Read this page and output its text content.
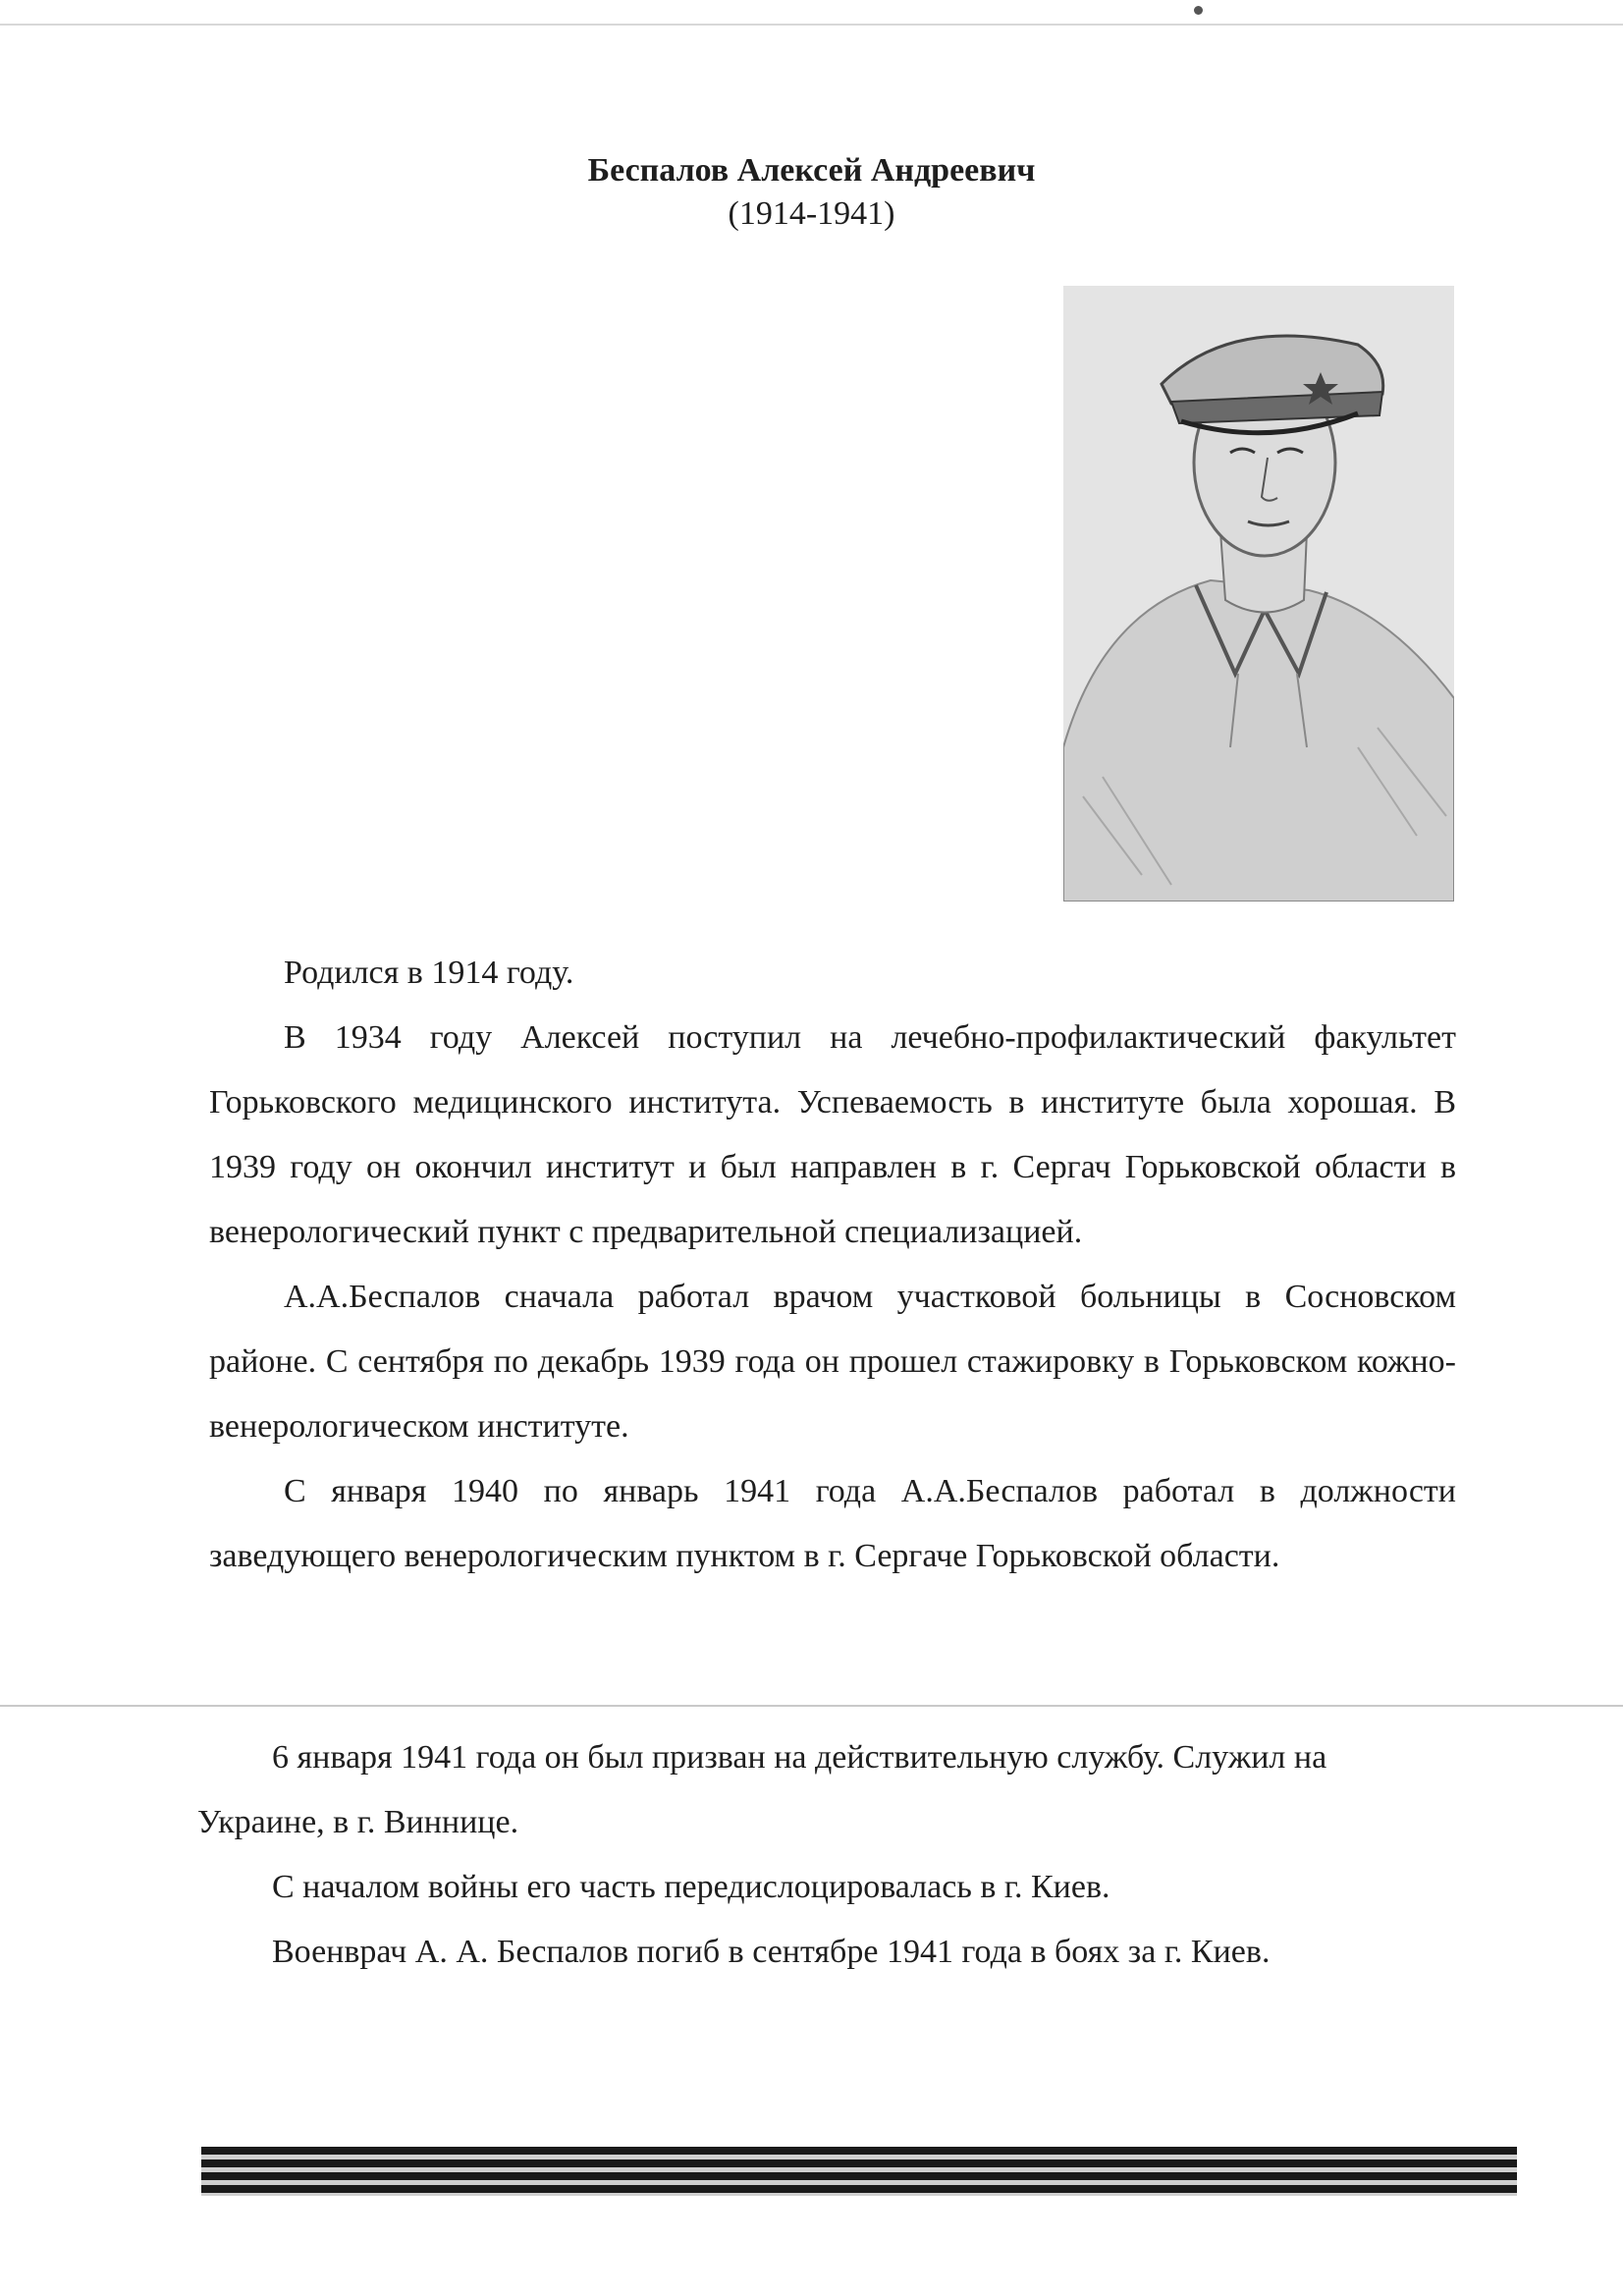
Беспалов Алексей Андреевич
(1914-1941)

Родился в 1914 году.

В 1934 году Алексей поступил на лечебно-профилактический факультет Горьковского медицинского института. Успеваемость в институте была хорошая. В 1939 году он окончил институт и был направлен в г. Сергач Горьковской области в венерологический пункт с предварительной специализацией.

А.А.Беспалов сначала работал врачом участковой больницы в Сосновском районе. С сентября по декабрь 1939 года он прошел стажировку в Горьковском кожно-венерологическом институте.

С января 1940 по январь 1941 года А.А.Беспалов работал в должности заведующего венерологическим пунктом в г. Сергаче Горьковской области.

6 января 1941 года он был призван на действительную службу. Служил на Украине, в г. Виннице.

С началом войны его часть передислоцировалась в г. Киев.

Военврач А. А. Беспалов погиб в сентябре 1941 года в боях за г. Киев.
